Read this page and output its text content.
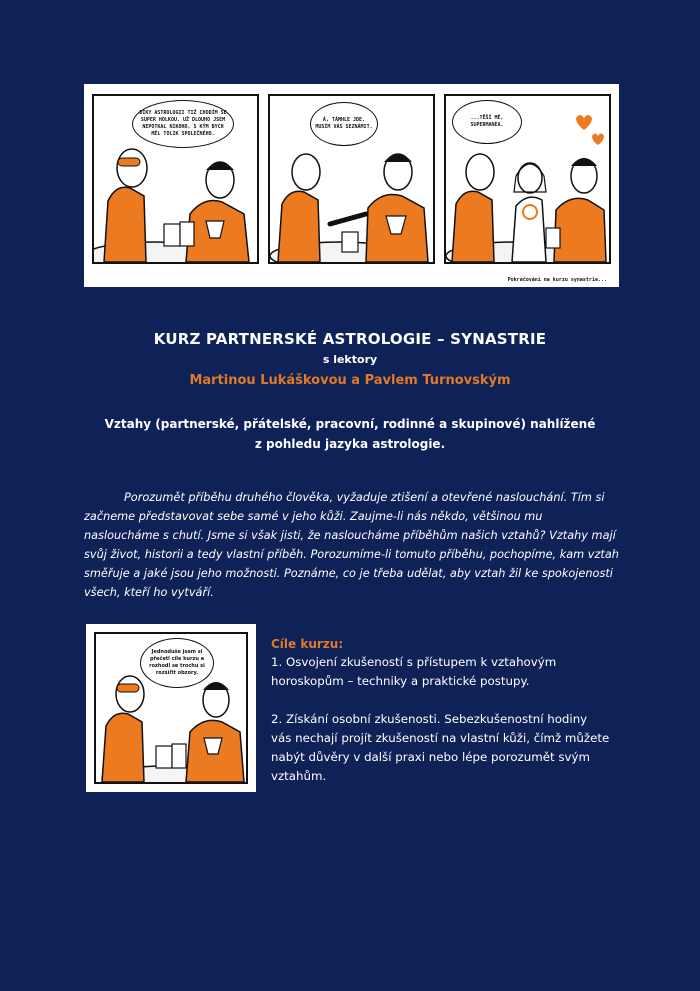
DÍKY ASTROLOGII TIŽ CHODÍM SE SUPER HOLKOU. UŽ DLOUHO JSEM NEPOTKAL NIKOHO, S KÝM BYCH MĚL TOLIK SPOLEČNÉHO.
Á, TÁMHLE JDE. MUSÍM VÁS SEZNÁMIT.
...TĚŠÍ MĚ, SUPERMANEA.
Pokračování na kurzu synastrie...
KURZ PARTNERSKÉ ASTROLOGIE – SYNASTRIE
s lektory
Martinou Lukáškovou a Pavlem Turnovským
Vztahy (partnerské, přátelské, pracovní, rodinné a skupinové) nahlížené
z pohledu jazyka astrologie.
Porozumět příběhu druhého člověka, vyžaduje ztišení a otevřené naslouchání. Tím si začneme představovat sebe samé v jeho kůži. Zaujme-li nás někdo, většinou mu nasloucháme s chutí. Jsme si však jisti, že nasloucháme příběhům našich vztahů? Vztahy mají svůj život, historii a tedy vlastní příběh. Porozumíme-li tomuto příběhu, pochopíme, kam vztah směřuje a jaké jsou jeho možnosti. Poznáme, co je třeba udělat, aby vztah žil ke spokojenosti všech, kteří ho vytváří.
Jednoduše jsem si přečetl cíle kurzu a rozhodl se trochu si rozšířit obzory.
Cíle kurzu:
1. Osvojení zkušeností s přístupem k vztahovým horoskopům – techniky a praktické postupy.
2. Získání osobní zkušenosti. Sebezkušenostní hodiny vás nechají projít zkušeností na vlastní kůži, čímž můžete nabýt důvěry v další praxi nebo lépe porozumět svým vztahům.
